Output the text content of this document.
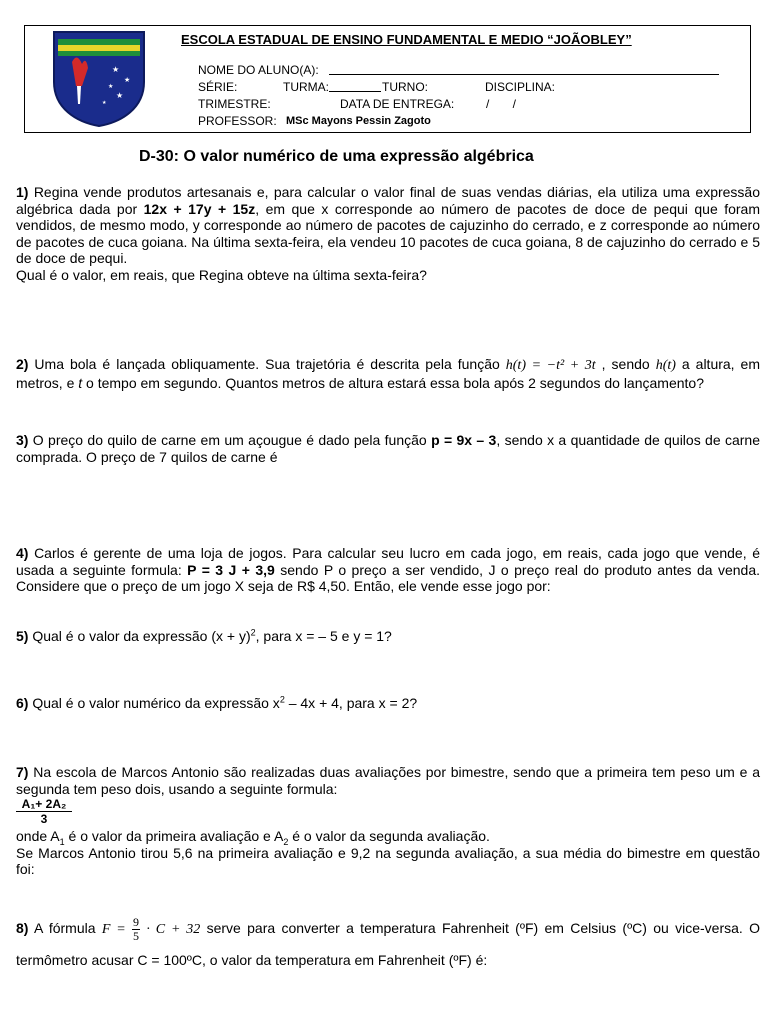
★
★
★
★
★
ESCOLA ESTADUAL DE ENSINO FUNDAMENTAL E MEDIO “JOÃOBLEY”
NOME DO ALUNO(A):
SÉRIE:	TURMA:	TURNO:	DISCIPLINA:
TRIMESTRE:	DATA DE ENTREGA:	/       /
PROFESSOR: MSc Mayons Pessin Zagoto
D-30: O valor numérico de uma expressão algébrica
1) Regina vende produtos artesanais e, para calcular o valor final de suas vendas diárias, ela utiliza uma expressão algébrica dada por 12x + 17y + 15z, em que x corresponde ao número de pacotes de doce de pequi que foram vendidos, de mesmo modo, y corresponde ao número de pacotes de cajuzinho do cerrado, e z corresponde ao número de pacotes de cuca goiana. Na última sexta-feira, ela vendeu 10 pacotes de cuca goiana, 8 de cajuzinho do cerrado e 5 de doce de pequi.
Qual é o valor, em reais, que Regina obteve na última sexta-feira?
2) Uma bola é lançada obliquamente. Sua trajetória é descrita pela função h(t) = −t² + 3t , sendo h(t) a altura, em metros, e t o tempo em segundo. Quantos metros de altura estará essa bola após 2 segundos do lançamento?
3) O preço do quilo de carne em um açougue é dado pela função p = 9x – 3, sendo x a quantidade de quilos de carne comprada. O preço de 7 quilos de carne é
4) Carlos é gerente de uma loja de jogos. Para calcular seu lucro em cada jogo, em reais, cada jogo que vende, é usada a seguinte formula: P = 3 J + 3,9 sendo P o preço a ser vendido, J o preço real do produto antes da venda. Considere que o preço de um jogo X seja de R$ 4,50. Então, ele vende esse jogo por:
5) Qual é o valor da expressão $(x + y)^2$, para x = – 5 e y = 1?
6) Qual é o valor numérico da expressão $x^2 - 4x + 4$, para x = 2?
7) Na escola de Marcos Antonio são realizadas duas avaliações por bimestre, sendo que a primeira tem peso um e a segunda tem peso dois, usando a seguinte formula:
$\frac{\text{A₁+ 2A₂}}{3}$
onde $A_1$ é o valor da primeira avaliação e $A_2$ é o valor da segunda avaliação.
Se Marcos Antonio tirou 5,6 na primeira avaliação e 9,2 na segunda avaliação, a sua média do bimestre em questão foi:
8) A fórmula $F = \frac{9}{5} \cdot C + 32$ serve para converter a temperatura Fahrenheit (ºF) em Celsius (ºC) ou vice-versa. O termômetro acusar C = 100ºC, o valor da temperatura em Fahrenheit (ºF) é:
